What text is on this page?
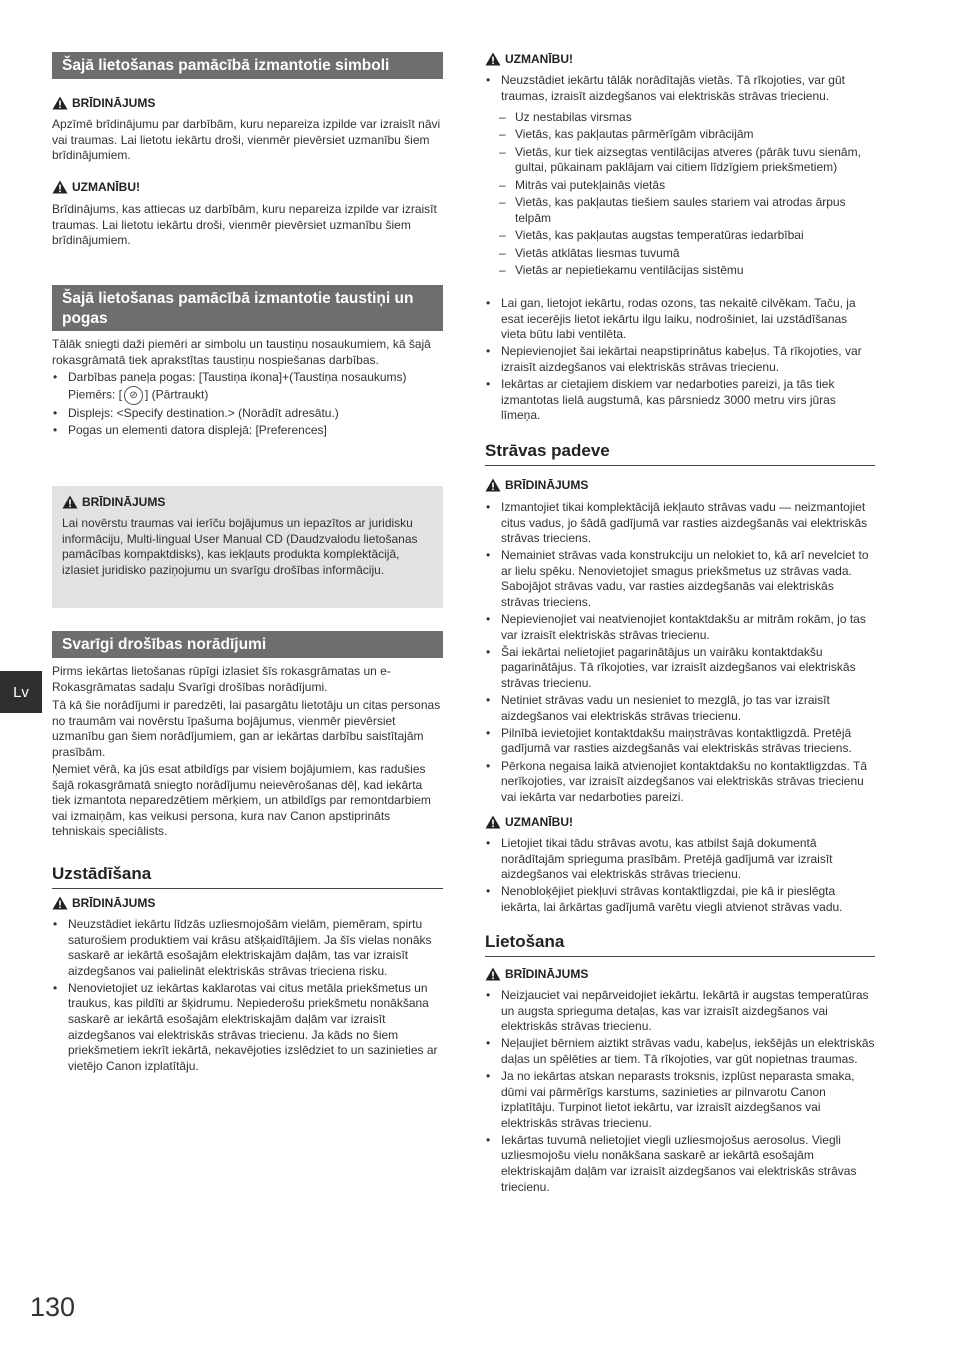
Lv
Šajā lietošanas pamācībā izmantotie simboli
BRĪDINĀJUMS

Apzīmē brīdinājumu par darbībām, kuru nepareiza izpilde var izraisīt nāvi vai traumas. Lai lietotu iekārtu droši, vienmēr pievērsiet uzmanību šiem brīdinājumiem.

UZMANĪBU!

Brīdinājums, kas attiecas uz darbībām, kuru nepareiza izpilde var izraisīt traumas. Lai lietotu iekārtu droši, vienmēr pievērsiet uzmanību šiem brīdinājumiem.

Šajā lietošanas pamācībā izmantotie taustiņi un pogas

Tālāk sniegti daži piemēri ar simbolu un taustiņu nosaukumiem, kā šajā rokasgrāmatā tiek aprakstītas taustiņu nospiešanas darbības.

• Darbības paneļa pogas: [Taustiņa ikona]+(Taustiņa nosaukums)
Piemērs: [ ⊘ ] (Pārtraukt)
• Displejs: <Specify destination.> (Norādīt adresātu.)
• Pogas un elementi datora displejā: [Preferences]
BRĪDINĀJUMS

Lai novērstu traumas vai ierīču bojājumus un iepazītos ar juridisku informāciju, Multi-lingual User Manual CD (Daudzvalodu lietošanas pamācības kompaktdisks), kas iekļauts produkta komplektācijā, izlasiet juridisko paziņojumu un svarīgu drošības informāciju.

Svarīgi drošības norādījumi

Pirms iekārtas lietošanas rūpīgi izlasiet šīs rokasgrāmatas un e-Rokasgrāmatas sadaļu Svarīgi drošības norādījumi.

Tā kā šie norādījumi ir paredzēti, lai pasargātu lietotāju un citas personas no traumām vai novērstu īpašuma bojājumus, vienmēr pievērsiet uzmanību gan šiem norādījumiem, gan ar iekārtas darbību saistītajām prasībām.

Ņemiet vērā, ka jūs esat atbildīgs par visiem bojājumiem, kas radušies šajā rokasgrāmatā sniegto norādījumu neievērošanas dēļ, kad iekārta tiek izmantota neparedzētiem mērķiem, un atbildīgs par remontdarbiem vai izmaiņām, kas veikusi persona, kura nav Canon apstiprināts tehniskais speciālists.

Uzstādīšana
BRĪDINĀJUMS
• Neuzstādiet iekārtu līdzās uzliesmojošām vielām, piemēram, spirtu saturošiem produktiem vai krāsu atšķaidītājiem. Ja šīs vielas nonāks saskarē ar iekārtā esošajām elektriskajām daļām, tas var izraisīt aizdegšanos vai palielināt elektriskās strāvas trieciena risku.
• Nenovietojiet uz iekārtas kaklarotas vai citus metāla priekšmetus un traukus, kas pildīti ar šķidrumu. Nepiederošu priekšmetu nonākšana saskarē ar iekārtā esošajām elektriskajām daļām var izraisīt aizdegšanos vai elektriskās strāvas triecienu. Ja kāds no šiem priekšmetiem iekrīt iekārtā, nekavējoties izslēdziet to un sazinieties ar vietējo Canon izplatītāju.
UZMANĪBU!
• Neuzstādiet iekārtu tālāk norādītajās vietās. Tā rīkojoties, var gūt traumas, izraisīt aizdegšanos vai elektriskās strāvas triecienu.
– Uz nestabilas virsmas
– Vietās, kas pakļautas pārmērīgām vibrācijām
– Vietās, kur tiek aizsegtas ventilācijas atveres (pārāk tuvu sienām, gultai, pūkainam paklājam vai citiem līdzīgiem priekšmetiem)
– Mitrās vai putekļainās vietās
– Vietās, kas pakļautas tiešiem saules stariem vai atrodas ārpus telpām
– Vietās, kas pakļautas augstas temperatūras iedarbībai
– Vietās atklātas liesmas tuvumā
– Vietās ar nepietiekamu ventilācijas sistēmu
• Lai gan, lietojot iekārtu, rodas ozons, tas nekaitē cilvēkam. Taču, ja esat iecerējis lietot iekārtu ilgu laiku, nodrošiniet, lai uzstādīšanas vieta būtu labi ventilēta.
• Nepievienojiet šai iekārtai neapstiprinātus kabeļus. Tā rīkojoties, var izraisīt aizdegšanos vai elektriskās strāvas triecienu.
• Iekārtas ar cietajiem diskiem var nedarboties pareizi, ja tās tiek izmantotas lielā augstumā, kas pārsniedz 3000 metru virs jūras līmeņa.
Strāvas padeve
BRĪDINĀJUMS
• Izmantojiet tikai komplektācijā iekļauto strāvas vadu — neizmantojiet citus vadus, jo šādā gadījumā var rasties aizdegšanās vai elektriskās strāvas trieciens.
• Nemainiet strāvas vada konstrukciju un nelokiet to, kā arī nevelciet to ar lielu spēku. Nenovietojiet smagus priekšmetus uz strāvas vada. Sabojājot strāvas vadu, var rasties aizdegšanās vai elektriskās strāvas trieciens.
• Nepievienojiet vai neatvienojiet kontaktdakšu ar mitrām rokām, jo tas var izraisīt elektriskās strāvas triecienu.
• Šai iekārtai nelietojiet pagarinātājus un vairāku kontaktdakšu pagarinātājus. Tā rīkojoties, var izraisīt aizdegšanos vai elektriskās strāvas triecienu.
• Netiniet strāvas vadu un nesieniet to mezglā, jo tas var izraisīt aizdegšanos vai elektriskās strāvas triecienu.
• Pilnībā ievietojiet kontaktdakšu maiņstrāvas kontaktligzdā. Pretējā gadījumā var rasties aizdegšanās vai elektriskās strāvas trieciens.
• Pērkona negaisa laikā atvienojiet kontaktdakšu no kontaktligzdas. Tā nerīkojoties, var izraisīt aizdegšanos vai elektriskās strāvas triecienu vai iekārta var nedarboties pareizi.
UZMANĪBU!
• Lietojiet tikai tādu strāvas avotu, kas atbilst šajā dokumentā norādītajām sprieguma prasībām. Pretējā gadījumā var izraisīt aizdegšanos vai elektriskās strāvas triecienu.
• Nenobloķējiet piekļuvi strāvas kontaktligzdai, pie kā ir pieslēgta iekārta, lai ārkārtas gadījumā varētu viegli atvienot strāvas vadu.
Lietošana
BRĪDINĀJUMS
• Neizjauciet vai nepārveidojiet iekārtu. Iekārtā ir augstas temperatūras un augsta sprieguma detaļas, kas var izraisīt aizdegšanos vai elektriskās strāvas triecienu.
• Neļaujiet bērniem aiztikt strāvas vadu, kabeļus, iekšējās un elektriskās daļas un spēlēties ar tiem. Tā rīkojoties, var gūt nopietnas traumas.
• Ja no iekārtas atskan neparasts troksnis, izplūst neparasta smaka, dūmi vai pārmērīgs karstums, sazinieties ar pilnvarotu Canon izplatītāju. Turpinot lietot iekārtu, var izraisīt aizdegšanos vai elektriskās strāvas triecienu.
• Iekārtas tuvumā nelietojiet viegli uzliesmojošus aerosolus. Viegli uzliesmojošu vielu nonākšana saskarē ar iekārtā esošajām elektriskajām daļām var izraisīt aizdegšanos vai elektriskās strāvas triecienu.
130
